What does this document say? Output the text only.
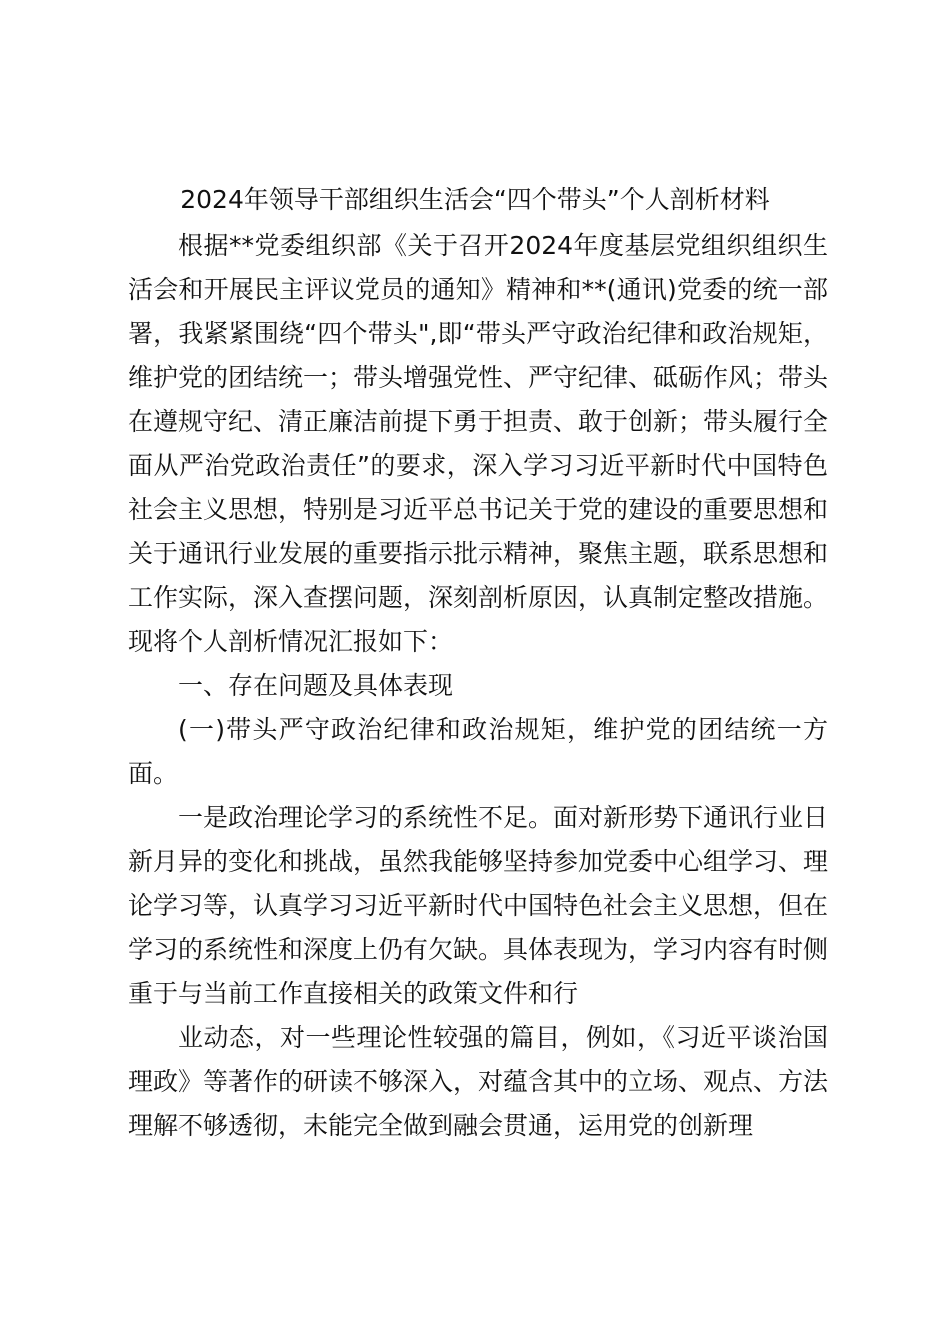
2024年领导干部组织生活会“四个带头”个人剖析材料

根据**党委组织部《关于召开2024年度基层党组织组织生活会和开展民主评议党员的通知》精神和**(通讯)党委的统一部署，我紧紧围绕“四个带头",即“带头严守政治纪律和政治规矩，维护党的团结统一；带头增强党性、严守纪律、砥砺作风；带头在遵规守纪、清正廉洁前提下勇于担责、敢于创新；带头履行全面从严治党政治责任”的要求，深入学习习近平新时代中国特色社会主义思想，特别是习近平总书记关于党的建设的重要思想和关于通讯行业发展的重要指示批示精神，聚焦主题，联系思想和工作实际，深入查摆问题，深刻剖析原因，认真制定整改措施。现将个人剖析情况汇报如下：

一、存在问题及具体表现

(一)带头严守政治纪律和政治规矩，维护党的团结统一方面。

一是政治理论学习的系统性不足。面对新形势下通讯行业日新月异的变化和挑战，虽然我能够坚持参加党委中心组学习、理论学习等，认真学习习近平新时代中国特色社会主义思想，但在学习的系统性和深度上仍有欠缺。具体表现为，学习内容有时侧重于与当前工作直接相关的政策文件和行

业动态，对一些理论性较强的篇目，例如，《习近平谈治国理政》等著作的研读不够深入，对蕴含其中的立场、观点、方法理解不够透彻，未能完全做到融会贯通，运用党的创新理
